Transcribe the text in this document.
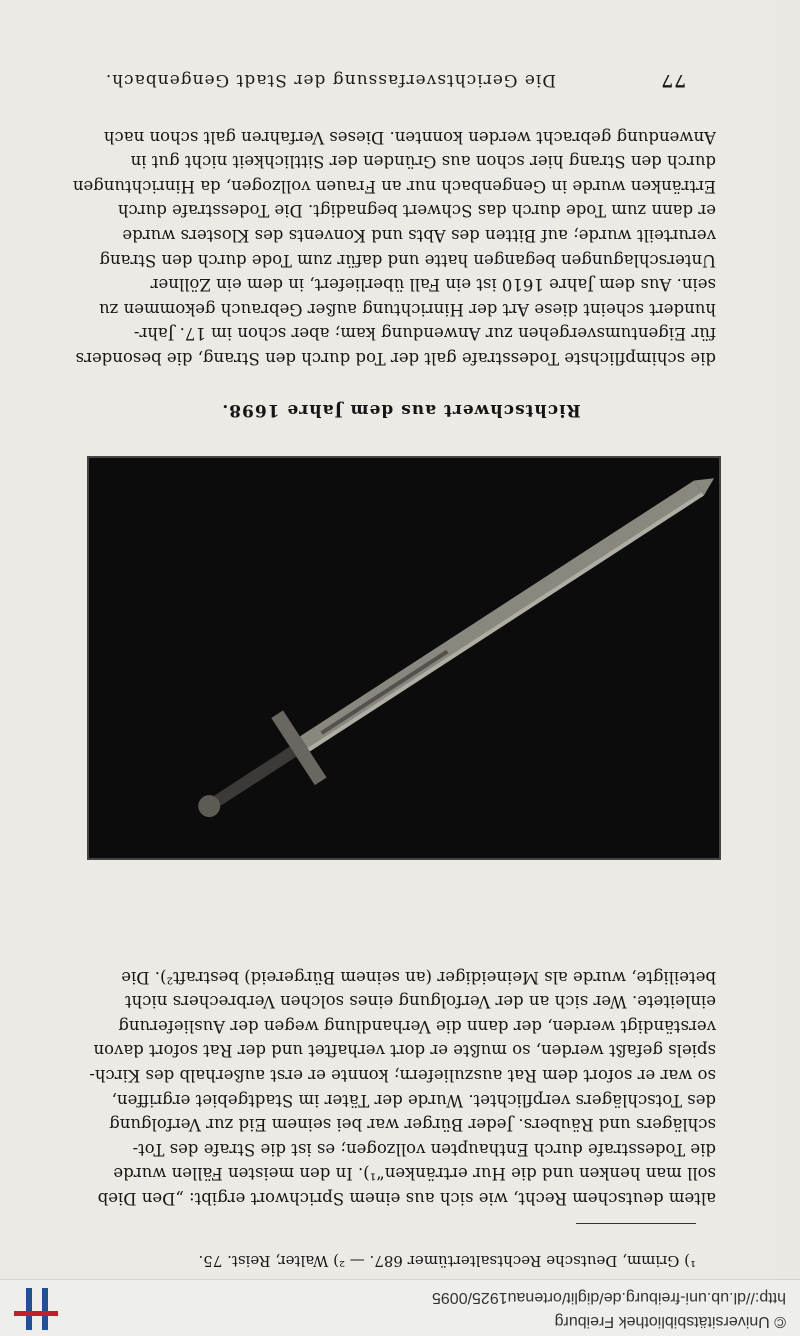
77
Die Gerichtsverfassung der Stadt Gengenbach.

die schimpflichste Todesstrafe galt der Tod durch den Strang, die besonders
für Eigentumsvergehen zur Anwendung kam; aber schon im 17. Jahr-
hundert scheint diese Art der Hinrichtung außer Gebrauch gekommen zu
sein. Aus dem Jahre 1610 ist ein Fall überliefert, in dem ein Zöllner
Unterschlagungen begangen hatte und dafür zum Tode durch den Strang
verurteilt wurde; auf Bitten des Abts und Konvents des Klosters wurde
er dann zum Tode durch das Schwert begnadigt. Die Todesstrafe durch
Ertränken wurde in Gengenbach nur an Frauen vollzogen, da Hinrichtungen
durch den Strang hier schon aus Gründen der Sittlichkeit nicht gut in
Anwendung gebracht werden konnten. Dieses Verfahren galt schon nach

Richtschwert aus dem Jahre 1698.

altem deutschem Recht, wie sich aus einem Sprichwort ergibt: „Den Dieb
soll man henken und die Hur ertränken“¹). In den meisten Fällen wurde
die Todesstrafe durch Enthaupten vollzogen; es ist die Strafe des Tot-
schlägers und Räubers. Jeder Bürger war bei seinem Eid zur Verfolgung
des Totschlägers verpflichtet. Wurde der Täter im Stadtgebiet ergriffen,
so war er sofort dem Rat auszuliefern; konnte er erst außerhalb des Kirch-
spiels gefaßt werden, so mußte er dort verhaftet und der Rat sofort davon
verständigt werden, der dann die Verhandlung wegen der Auslieferung
einleitete. Wer sich an der Verfolgung eines solchen Verbrechers nicht
beteiligte, wurde als Meineidiger (an seinem Bürgereid) bestraft²). Die

¹) Grimm, Deutsche Rechtsaltertümer 687. — ²) Walter, Reist. 75.
© Universitätsbibliothek Freiburg
http://dl.ub.uni-freiburg.de/diglit/ortenau1925/0095
